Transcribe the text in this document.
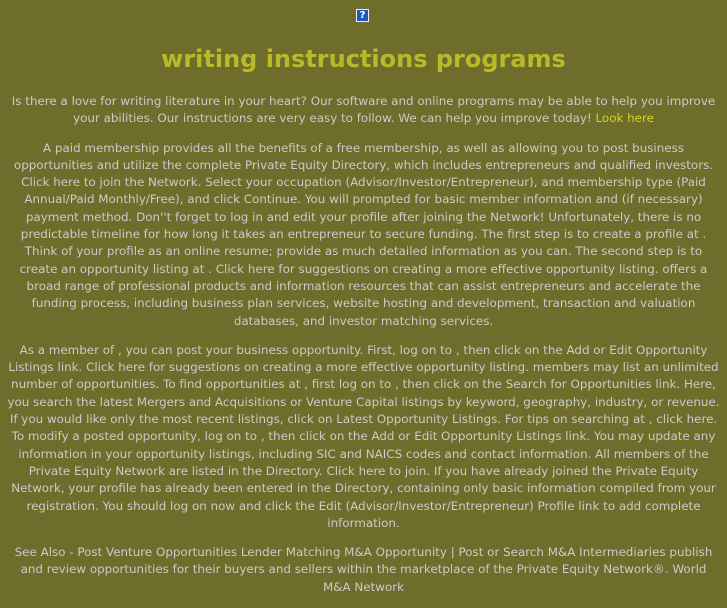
?
writing instructions programs

Is there a love for writing literature in your heart? Our software and online programs may be able to help you improve your abilities. Our instructions are very easy to follow. We can help you improve today! Look here

A paid membership provides all the benefits of a free membership, as well as allowing you to post business opportunities and utilize the complete Private Equity Directory, which includes entrepreneurs and qualified investors. Click here to join the Network. Select your occupation (Advisor/Investor/Entrepreneur), and membership type (Paid Annual/Paid Monthly/Free), and click Continue. You will prompted for basic member information and (if necessary) payment method. Don''t forget to log in and edit your profile after joining the Network! Unfortunately, there is no predictable timeline for how long it takes an entrepreneur to secure funding. The first step is to create a profile at . Think of your profile as an online resume; provide as much detailed information as you can. The second step is to create an opportunity listing at . Click here for suggestions on creating a more effective opportunity listing. offers a broad range of professional products and information resources that can assist entrepreneurs and accelerate the funding process, including business plan services, website hosting and development, transaction and valuation databases, and investor matching services.

As a member of , you can post your business opportunity. First, log on to , then click on the Add or Edit Opportunity Listings link. Click here for suggestions on creating a more effective opportunity listing. members may list an unlimited number of opportunities. To find opportunities at , first log on to , then click on the Search for Opportunities link. Here, you search the latest Mergers and Acquisitions or Venture Capital listings by keyword, geography, industry, or revenue. If you would like only the most recent listings, click on Latest Opportunity Listings. For tips on searching at , click here. To modify a posted opportunity, log on to , then click on the Add or Edit Opportunity Listings link. You may update any information in your opportunity listings, including SIC and NAICS codes and contact information. All members of the Private Equity Network are listed in the Directory. Click here to join. If you have already joined the Private Equity Network, your profile has already been entered in the Directory, containing only basic information compiled from your registration. You should log on now and click the Edit (Advisor/Investor/Entrepreneur) Profile link to add complete information.

See Also - Post Venture Opportunities Lender Matching M&A Opportunity | Post or Search M&A Intermediaries publish and review opportunities for their buyers and sellers within the marketplace of the Private Equity Network®. World M&A Network
